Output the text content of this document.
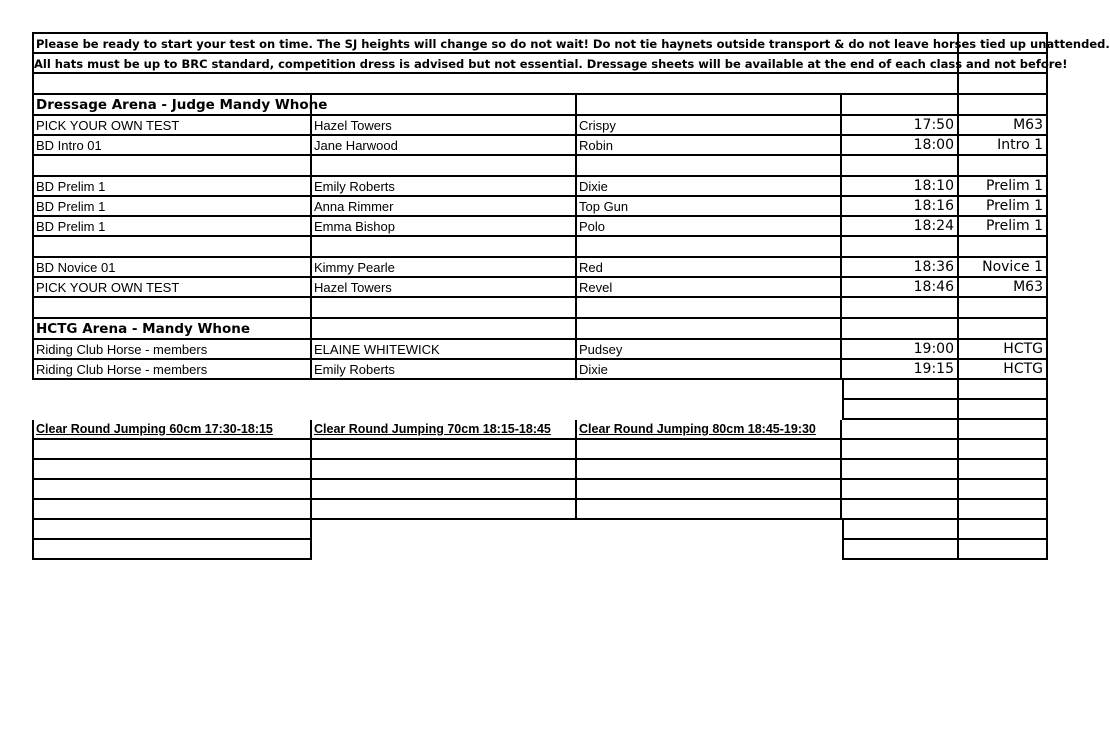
Please be ready to start your test on time. The SJ heights will change so do not wait! Do not tie haynets outside transport & do not leave horses tied up unattended.
All hats must be up to BRC standard, competition dress is advised but not essential. Dressage sheets will be available at the end of each class and not before!
Dressage Arena - Judge Mandy Whone
PICK YOUR OWN TEST	Hazel Towers	Crispy	17:50	M63
BD Intro 01	Jane Harwood	Robin	18:00	Intro 1
BD Prelim 1	Emily Roberts	Dixie	18:10	Prelim 1
BD Prelim 1	Anna Rimmer	Top Gun	18:16	Prelim 1
BD Prelim 1	Emma Bishop	Polo	18:24	Prelim 1
BD Novice 01	Kimmy Pearle	Red	18:36	Novice 1
PICK YOUR OWN TEST	Hazel Towers	Revel	18:46	M63
HCTG Arena - Mandy Whone
Riding Club Horse - members	ELAINE WHITEWICK	Pudsey	19:00	HCTG
Riding Club Horse - members	Emily Roberts	Dixie	19:15	HCTG
Clear Round Jumping 60cm 17:30-18:15	Clear Round Jumping 70cm 18:15-18:45	Clear Round Jumping 80cm 18:45-19:30
